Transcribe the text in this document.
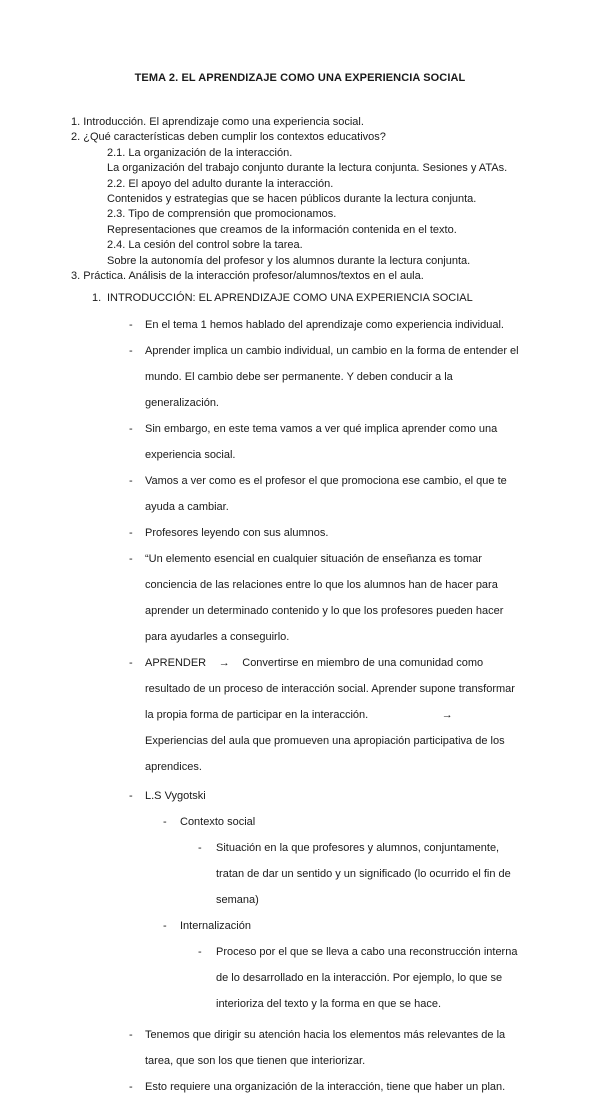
TEMA 2. EL APRENDIZAJE COMO UNA EXPERIENCIA SOCIAL
1. Introducción. El aprendizaje como una experiencia social.
2. ¿Qué características deben cumplir los contextos educativos?
2.1. La organización de la interacción.
La organización del trabajo conjunto durante la lectura conjunta. Sesiones y ATAs.
2.2. El apoyo del adulto durante la interacción.
Contenidos y estrategias que se hacen públicos durante la lectura conjunta.
2.3. Tipo de comprensión que promocionamos.
Representaciones que creamos de la información contenida en el texto.
2.4. La cesión del control sobre la tarea.
Sobre la autonomía del profesor y los alumnos durante la lectura conjunta.
3. Práctica. Análisis de la interacción profesor/alumnos/textos en el aula.
1. INTRODUCCIÓN: EL APRENDIZAJE COMO UNA EXPERIENCIA SOCIAL
- En el tema 1 hemos hablado del aprendizaje como experiencia individual.

- Aprender implica un cambio individual, un cambio en la forma de entender el

mundo. El cambio debe ser permanente. Y deben conducir a la

generalización.

- Sin embargo, en este tema vamos a ver qué implica aprender como una

experiencia social.

- Vamos a ver como es el profesor el que promociona ese cambio, el que te

ayuda a cambiar.

- Profesores leyendo con sus alumnos.

- “Un elemento esencial en cualquier situación de enseñanza es tomar

conciencia de las relaciones entre lo que los alumnos han de hacer para

aprender un determinado contenido y lo que los profesores pueden hacer

para ayudarles a conseguirlo.

- APRENDER → Convertirse en miembro de una comunidad como

resultado de un proceso de interacción social. Aprender supone transformar

la propia forma de participar en la interacción.	→

Experiencias del aula que promueven una apropiación participativa de los

aprendices.

- L.S Vygotski

- Contexto social

- Situación en la que profesores y alumnos, conjuntamente,

tratan de dar un sentido y un significado (lo ocurrido el fin de

semana)

- Internalización

- Proceso por el que se lleva a cabo una reconstrucción interna

de lo desarrollado en la interacción. Por ejemplo, lo que se

interioriza del texto y la forma en que se hace.

- Tenemos que dirigir su atención hacia los elementos más relevantes de la

tarea, que son los que tienen que interiorizar.

- Esto requiere una organización de la interacción, tiene que haber un plan.
